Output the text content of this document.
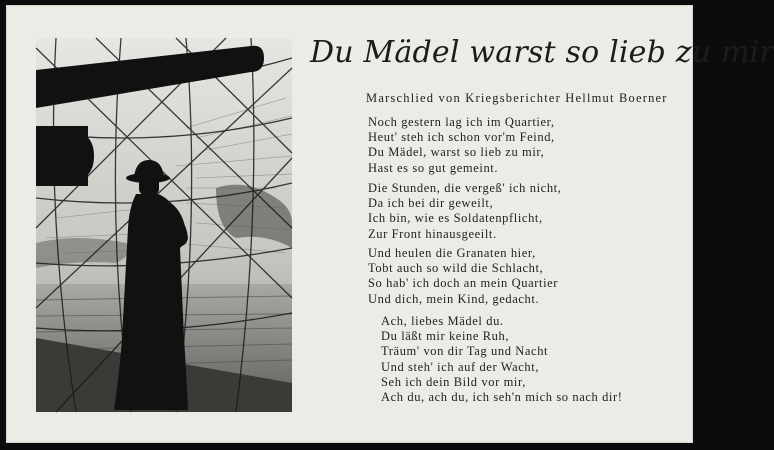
Du Mädel warst so lieb zu mir
Marschlied von Kriegsberichter Hellmut Boerner
Noch gestern lag ich im Quartier,
Heut' steh ich schon vor'm Feind,
Du Mädel, warst so lieb zu mir,
Hast es so gut gemeint.
Die Stunden, die vergeß' ich nicht,
Da ich bei dir geweilt,
Ich bin, wie es Soldatenpflicht,
Zur Front hinausgeeilt.
Und heulen die Granaten hier,
Tobt auch so wild die Schlacht,
So hab' ich doch an mein Quartier
Und dich, mein Kind, gedacht.
Ach, liebes Mädel du.
Du läßt mir keine Ruh,
Träum' von dir Tag und Nacht
Und steh' ich auf der Wacht,
Seh ich dein Bild vor mir,
Ach du, ach du, ich seh'n mich so nach dir!
